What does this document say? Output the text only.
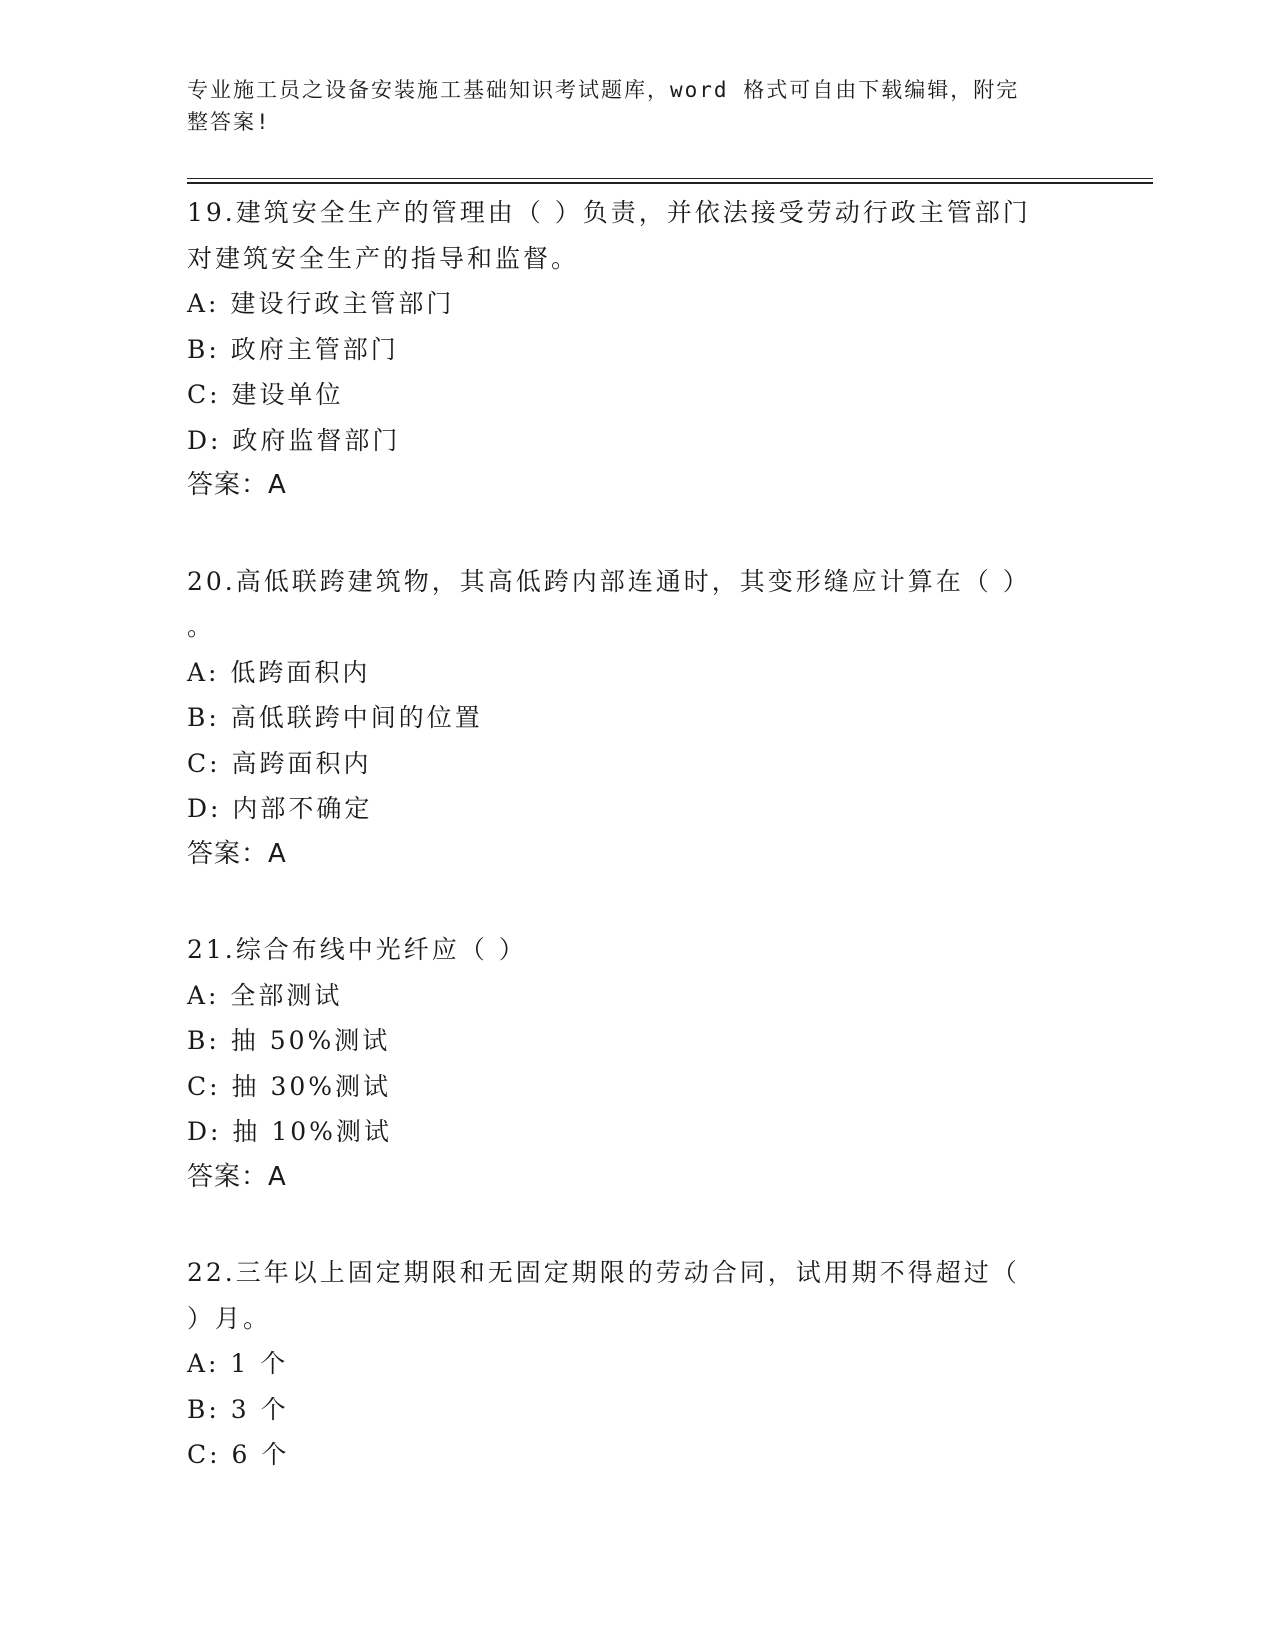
专业施工员之设备安装施工基础知识考试题库，word 格式可自由下载编辑，附完
整答案!
19.建筑安全生产的管理由（ ）负责，并依法接受劳动行政主管部门
对建筑安全生产的指导和监督。
A: 建设行政主管部门
B: 政府主管部门
C: 建设单位
D: 政府监督部门
答案：A
20.高低联跨建筑物，其高低跨内部连通时，其变形缝应计算在（ ）
。
A: 低跨面积内
B: 高低联跨中间的位置
C: 高跨面积内
D: 内部不确定
答案：A
21.综合布线中光纤应（ ）
A: 全部测试
B: 抽 50%测试
C: 抽 30%测试
D: 抽 10%测试
答案：A
22.三年以上固定期限和无固定期限的劳动合同，试用期不得超过（
）月。
A: 1 个
B: 3 个
C: 6 个
